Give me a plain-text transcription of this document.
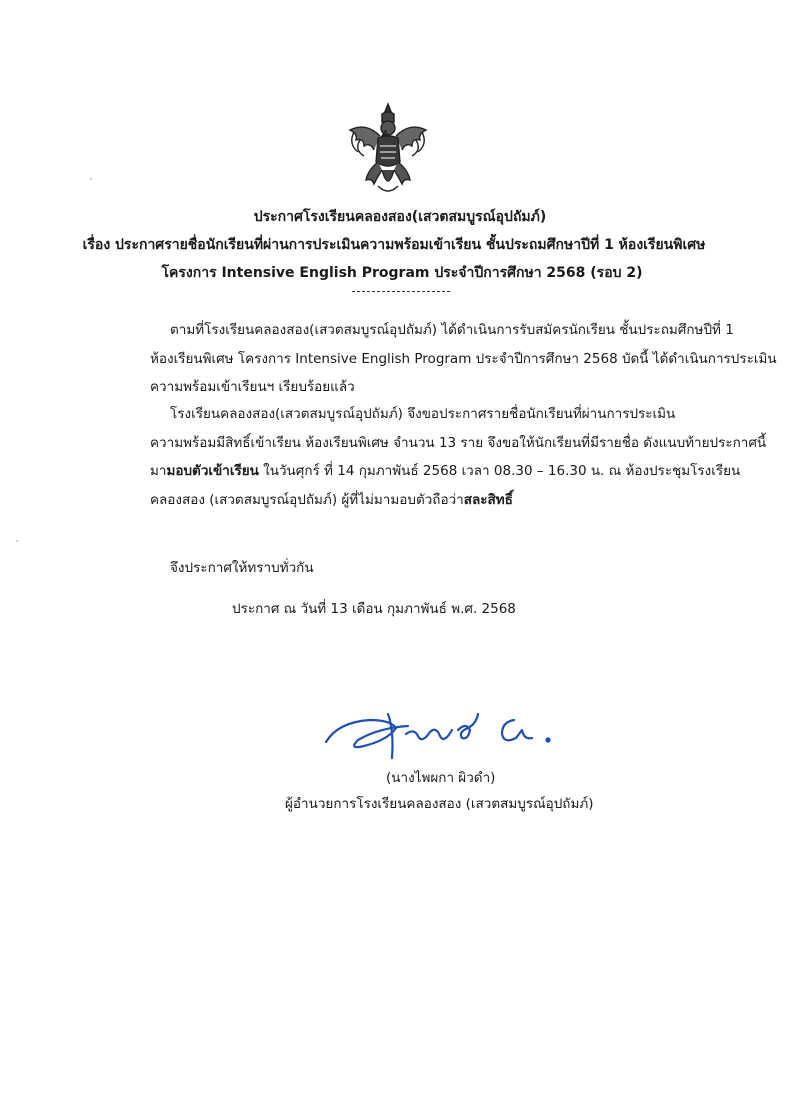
ประกาศโรงเรียนคลองสอง(เสวตสมบูรณ์อุปถัมภ์)
เรื่อง ประกาศรายชื่อนักเรียนที่ผ่านการประเมินความพร้อมเข้าเรียน ชั้นประถมศึกษาปีที่ 1 ห้องเรียนพิเศษ
โครงการ Intensive English Program ประจำปีการศึกษา 2568 (รอบ 2)
ตามที่โรงเรียนคลองสอง(เสวตสมบูรณ์อุปถัมภ์) ได้ดำเนินการรับสมัครนักเรียน ชั้นประถมศึกษปีที่ 1
ห้องเรียนพิเศษ โครงการ Intensive English Program ประจำปีการศึกษา 2568 บัดนี้ ได้ดำเนินการประเมิน
ความพร้อมเข้าเรียนฯ เรียบร้อยแล้ว
โรงเรียนคลองสอง(เสวตสมบูรณ์อุปถัมภ์) จึงขอประกาศรายชื่อนักเรียนที่ผ่านการประเมิน
ความพร้อมมีสิทธิ์เข้าเรียน ห้องเรียนพิเศษ จำนวน 13 ราย จึงขอให้นักเรียนที่มีรายชื่อ ดังแนบท้ายประกาศนี้
มามอบตัวเข้าเรียน ในวันศุกร์ ที่ 14 กุมภาพันธ์ 2568 เวลา 08.30 – 16.30 น. ณ ห้องประชุมโรงเรียน
คลองสอง (เสวตสมบูรณ์อุปถัมภ์) ผู้ที่ไม่มามอบตัวถือว่าสละสิทธิ์
จึงประกาศให้ทราบทั่วกัน
ประกาศ ณ วันที่ 13 เดือน กุมภาพันธ์ พ.ศ. 2568
(นางไพผกา ผิวดำ)
ผู้อำนวยการโรงเรียนคลองสอง (เสวตสมบูรณ์อุปถัมภ์)
